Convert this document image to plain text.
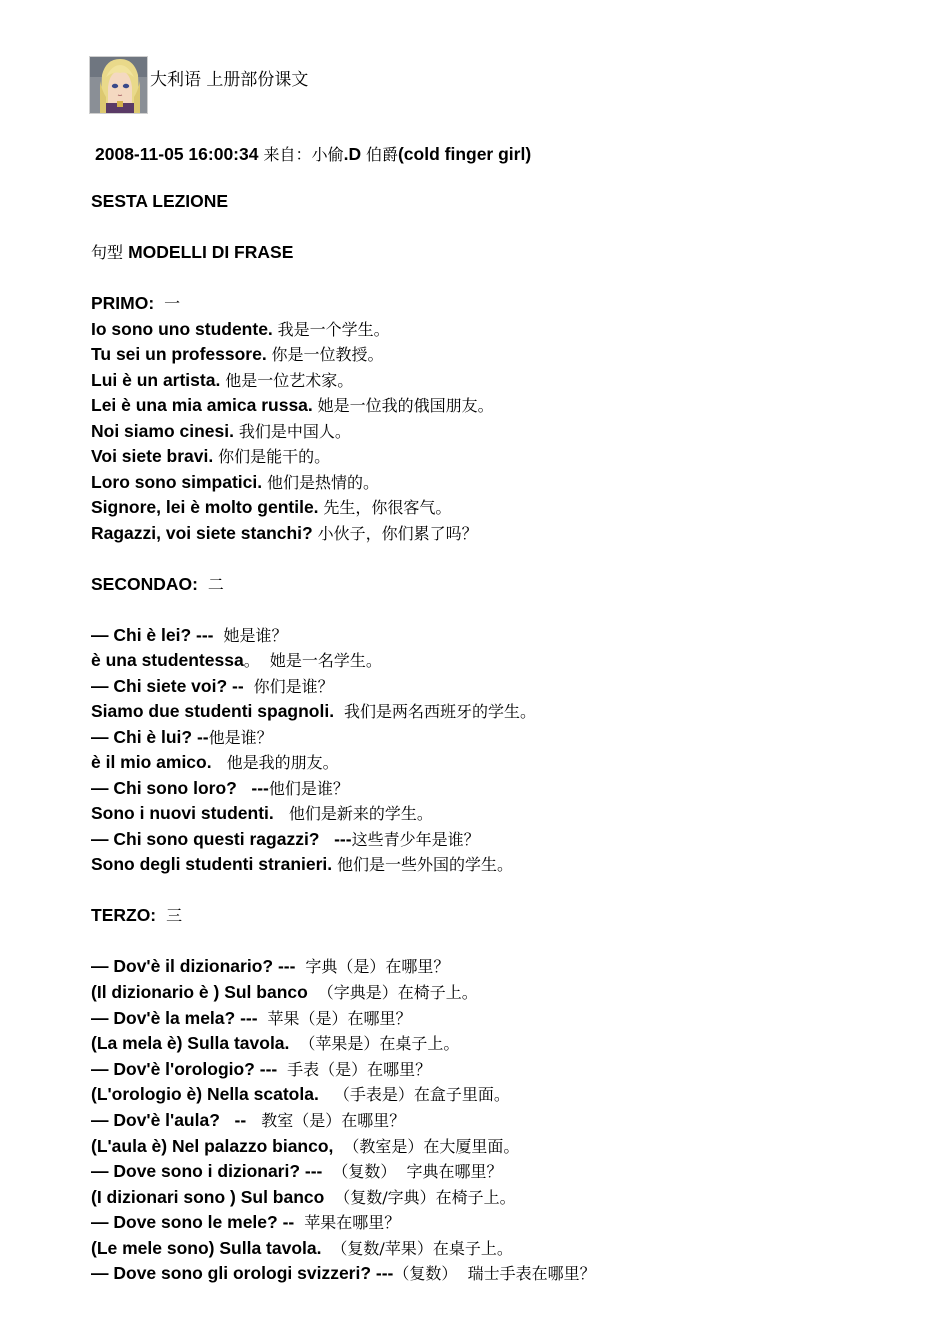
大利语 上册部份课文
2008-11-05 16:00:34 来自：小偷.D 伯爵(cold finger girl)
SESTA LEZIONE
句型 MODELLI DI FRASE
PRIMO:  一
Io sono uno studente. 我是一个学生。
Tu sei un professore. 你是一位教授。
Lui è un artista. 他是一位艺术家。
Lei è una mia amica russa. 她是一位我的俄国朋友。
Noi siamo cinesi. 我们是中国人。
Voi siete bravi. 你们是能干的。
Loro sono simpatici. 他们是热情的。
Signore, lei è molto gentile. 先生，你很客气。
Ragazzi, voi siete stanchi? 小伙子，你们累了吗？
SECONDAO:  二
— Chi è lei? ---  她是谁？
è una studentessa。  她是一名学生。
— Chi siete voi? --  你们是谁？
Siamo due studenti spagnoli.  我们是两名西班牙的学生。
— Chi è lui? --他是谁？
è il mio amico.   他是我的朋友。
— Chi sono loro?   ---他们是谁？
Sono i nuovi studenti.   他们是新来的学生。
— Chi sono questi ragazzi?   ---这些青少年是谁？
Sono degli studenti stranieri. 他们是一些外国的学生。
TERZO:  三
— Dov'è il dizionario? ---  字典（是）在哪里？
(Il dizionario è ) Sul banco  （字典是）在椅子上。
— Dov'è la mela? ---  苹果（是）在哪里？
(La mela è) Sulla tavola.  （苹果是）在桌子上。
— Dov'è l'orologio? ---  手表（是）在哪里？
(L'orologio è) Nella scatola.   （手表是）在盒子里面。
— Dov'è l'aula?   --   教室（是）在哪里？
(L'aula è) Nel palazzo bianco,  （教室是）在大厦里面。
— Dove sono i dizionari? ---  （复数）  字典在哪里？
(I dizionari sono ) Sul banco  （复数/字典）在椅子上。
— Dove sono le mele? --  苹果在哪里？
(Le mele sono) Sulla tavola.  （复数/苹果）在桌子上。
— Dove sono gli orologi svizzeri? ---（复数）  瑞士手表在哪里？
